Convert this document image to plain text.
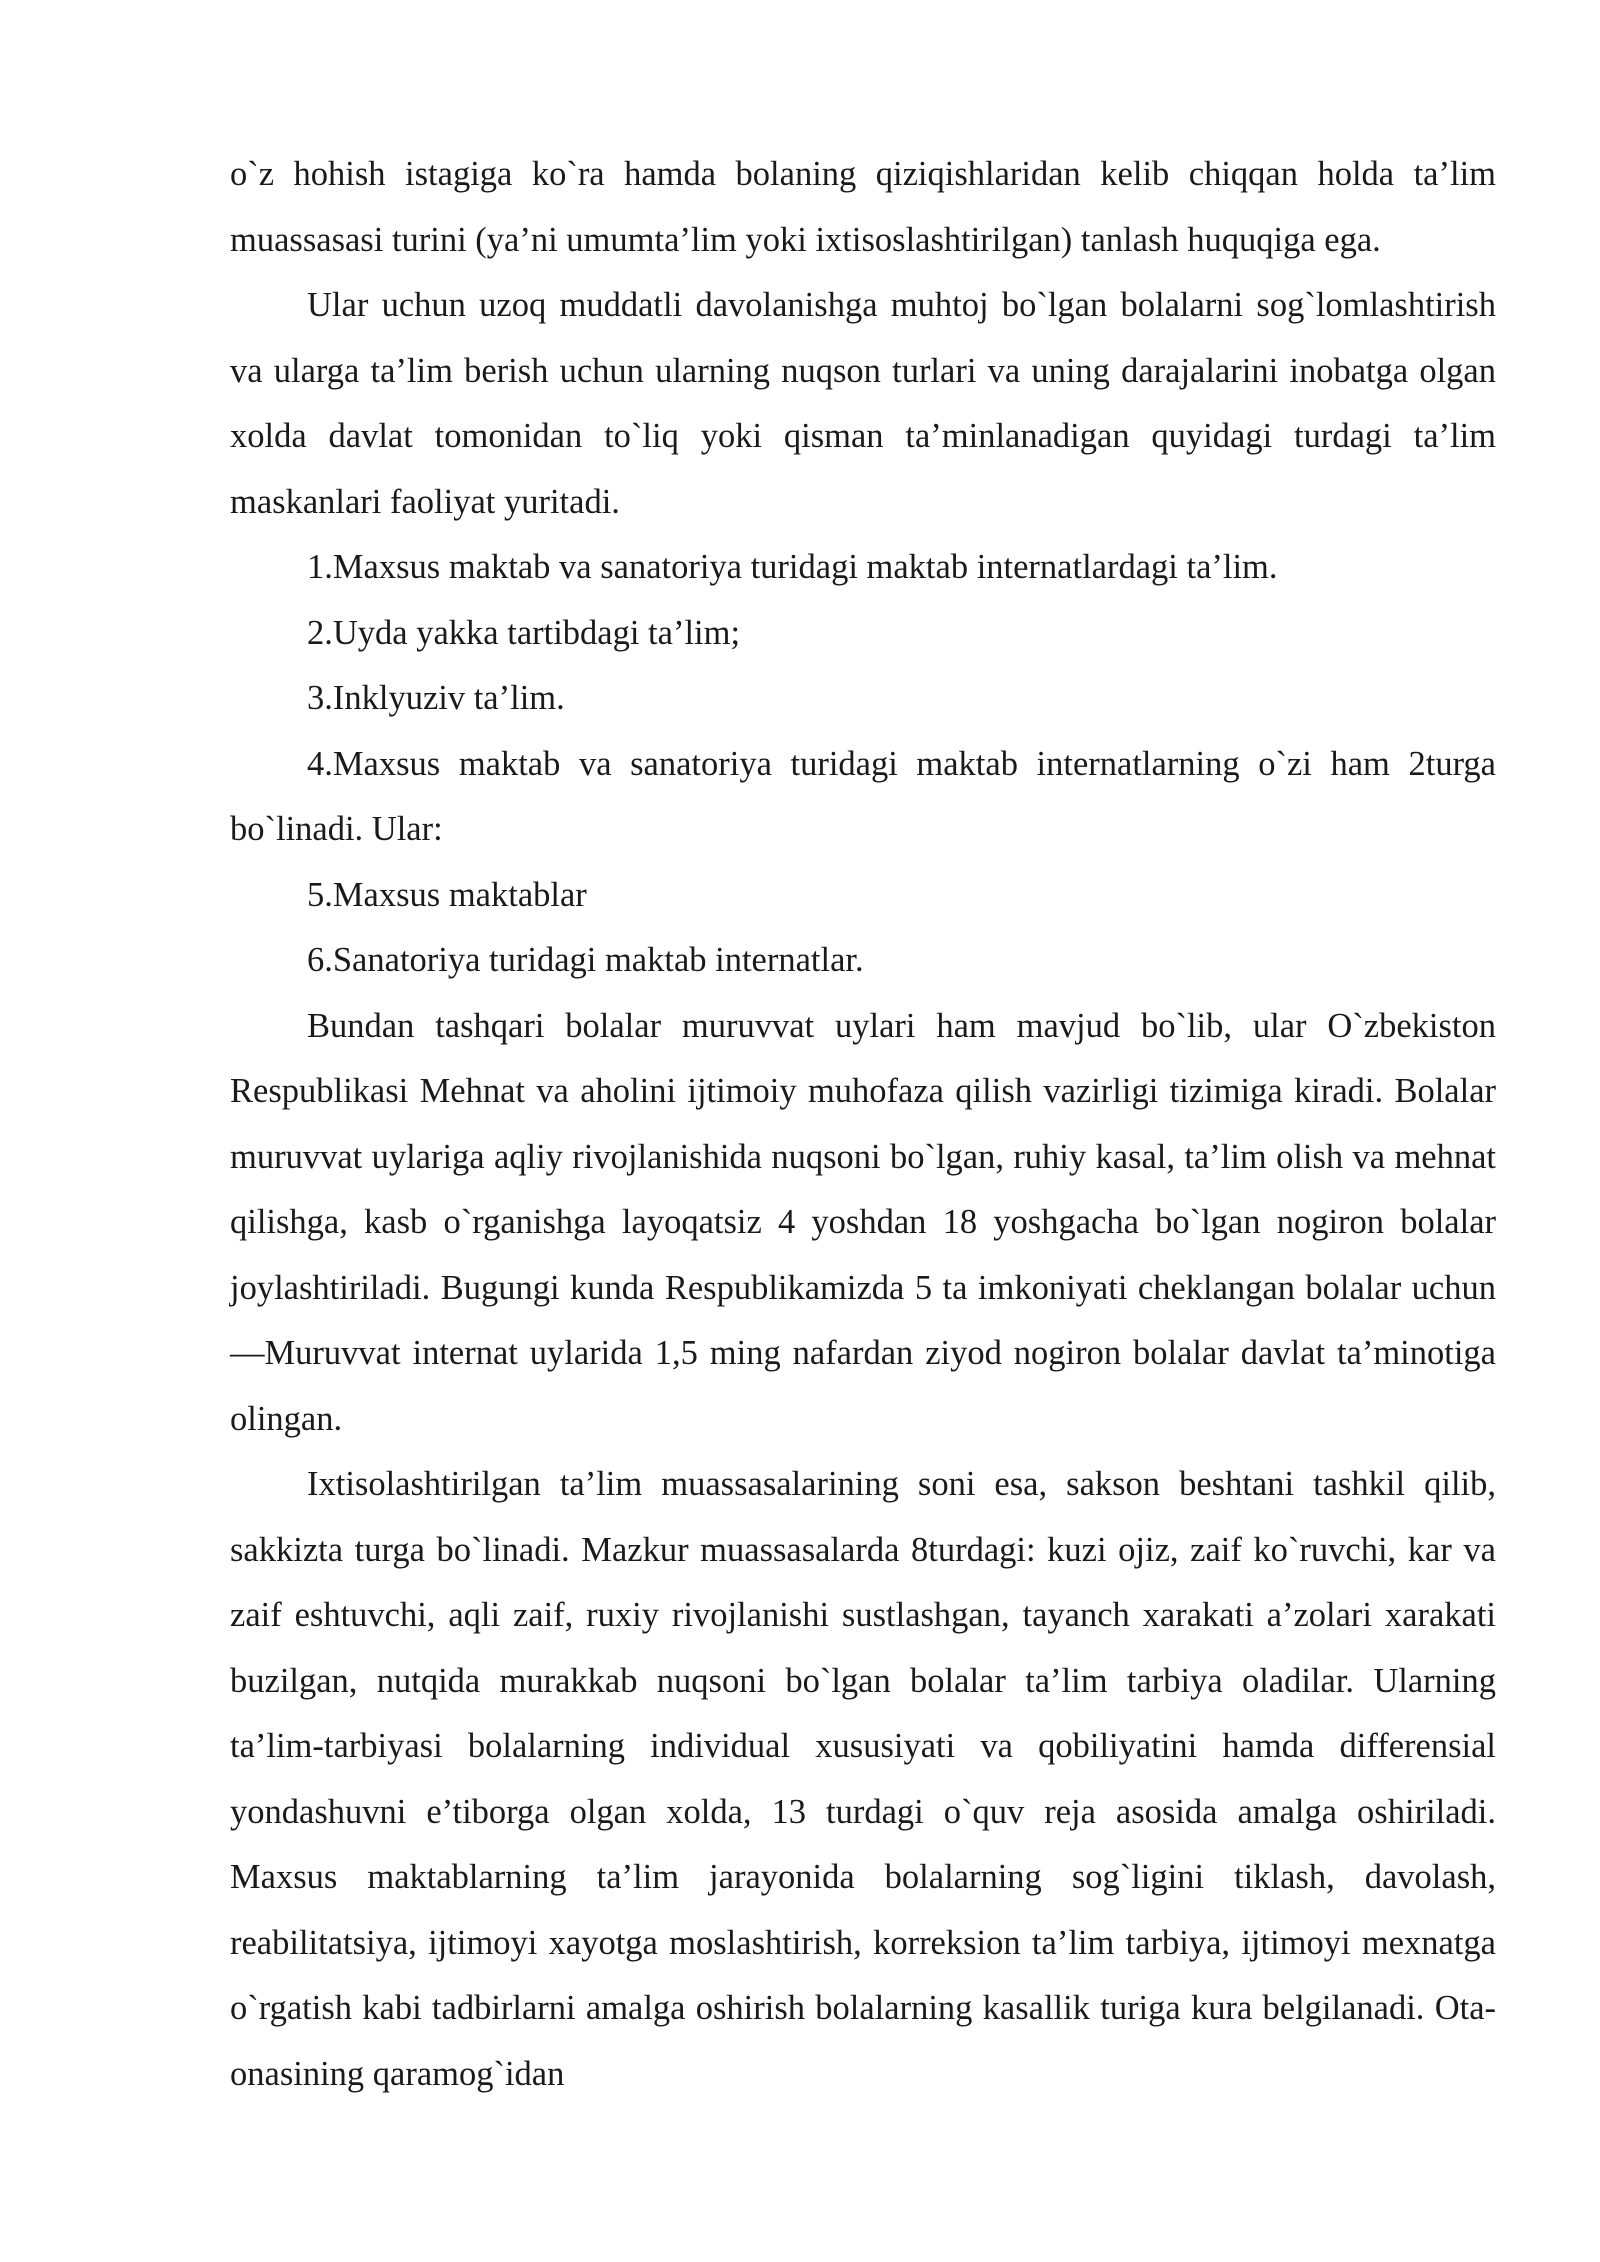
o`z hohish istagiga ko`ra hamda bolaning qiziqishlaridan kelib chiqqan holda ta’lim muassasasi turini (ya’ni umumta’lim yoki ixtisoslashtirilgan) tanlash huquqiga ega.

Ular uchun uzoq muddatli davolanishga muhtoj bo`lgan bolalarni sog`lomlashtirish va ularga ta’lim berish uchun ularning nuqson turlari va uning darajalarini inobatga olgan xolda davlat tomonidan to`liq yoki qisman ta’minlanadigan quyidagi turdagi ta’lim maskanlari faoliyat yuritadi.

1.Maxsus maktab va sanatoriya turidagi maktab internatlardagi ta’lim.

2.Uyda yakka tartibdagi ta’lim;

3.Inklyuziv ta’lim.

4.Maxsus maktab va sanatoriya turidagi maktab internatlarning o`zi ham 2turga bo`linadi. Ular:

5.Maxsus maktablar

6.Sanatoriya turidagi maktab internatlar.

Bundan tashqari bolalar muruvvat uylari ham mavjud bo`lib, ular O`zbekiston Respublikasi Mehnat va aholini ijtimoiy muhofaza qilish vazirligi tizimiga kiradi. Bolalar muruvvat uylariga aqliy rivojlanishida nuqsoni bo`lgan, ruhiy kasal, ta’lim olish va mehnat qilishga, kasb o`rganishga layoqatsiz 4 yoshdan 18 yoshgacha bo`lgan nogiron bolalar joylashtiriladi. Bugungi kunda Respublikamizda 5 ta imkoniyati cheklangan bolalar uchun ―Muruvvat internat uylarida 1,5 ming nafardan ziyod nogiron bolalar davlat ta’minotiga olingan.

Ixtisolashtirilgan ta’lim muassasalarining soni esa, sakson beshtani tashkil qilib, sakkizta turga bo`linadi. Mazkur muassasalarda 8turdagi: kuzi ojiz, zaif ko`ruvchi, kar va zaif eshtuvchi, aqli zaif, ruxiy rivojlanishi sustlashgan, tayanch xarakati a’zolari xarakati buzilgan, nutqida murakkab nuqsoni bo`lgan bolalar ta’lim tarbiya oladilar. Ularning ta’lim-tarbiyasi bolalarning individual xususiyati va qobiliyatini hamda differensial yondashuvni e’tiborga olgan xolda, 13 turdagi o`quv reja asosida amalga oshiriladi. Maxsus maktablarning ta’lim jarayonida bolalarning sog`ligini tiklash, davolash, reabilitatsiya, ijtimoyi xayotga moslashtirish, korreksion ta’lim tarbiya, ijtimoyi mexnatga o`rgatish kabi tadbirlarni amalga oshirish bolalarning kasallik turiga kura belgilanadi. Ota-onasining qaramog`idan
